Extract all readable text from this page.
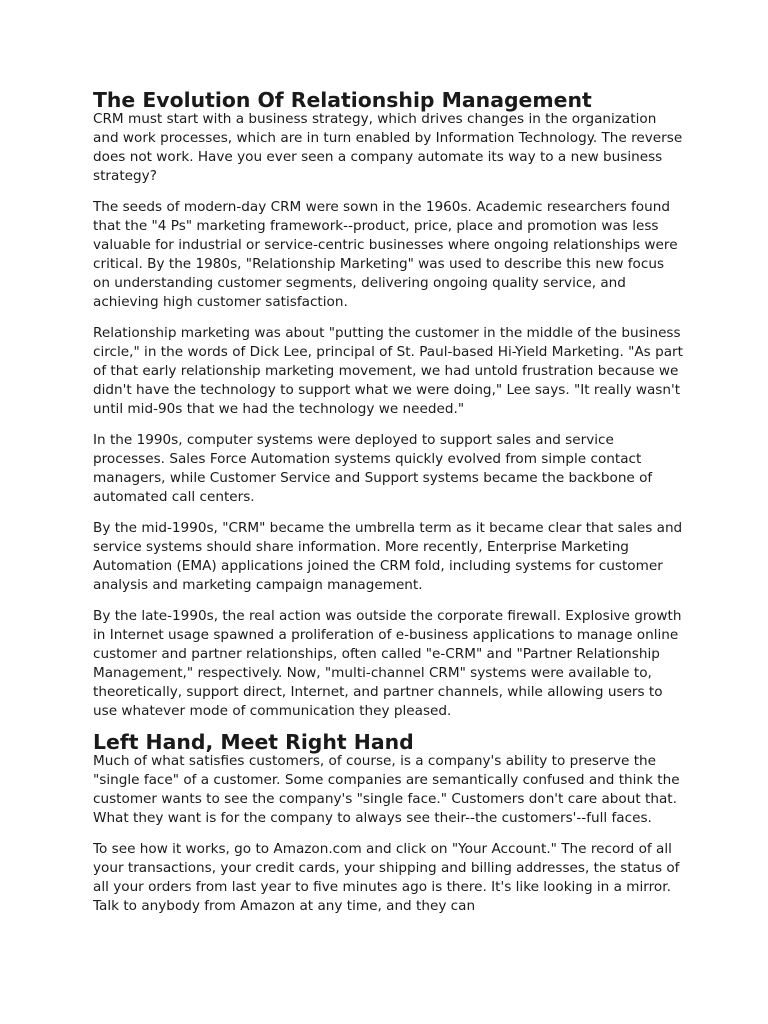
The Evolution Of Relationship Management

CRM must start with a business strategy, which drives changes in the organization and work processes, which are in turn enabled by Information Technology. The reverse does not work. Have you ever seen a company automate its way to a new business strategy?

The seeds of modern-day CRM were sown in the 1960s. Academic researchers found that the "4 Ps" marketing framework--product, price, place and promotion was less valuable for industrial or service-centric businesses where ongoing relationships were critical. By the 1980s, "Relationship Marketing" was used to describe this new focus on understanding customer segments, delivering ongoing quality service, and achieving high customer satisfaction.

Relationship marketing was about "putting the customer in the middle of the business circle," in the words of Dick Lee, principal of St. Paul-based Hi-Yield Marketing. "As part of that early relationship marketing movement, we had untold frustration because we didn't have the technology to support what we were doing," Lee says. "It really wasn't until mid-90s that we had the technology we needed."

In the 1990s, computer systems were deployed to support sales and service processes. Sales Force Automation systems quickly evolved from simple contact managers, while Customer Service and Support systems became the backbone of automated call centers.

By the mid-1990s, "CRM" became the umbrella term as it became clear that sales and service systems should share information. More recently, Enterprise Marketing Automation (EMA) applications joined the CRM fold, including systems for customer analysis and marketing campaign management.

By the late-1990s, the real action was outside the corporate firewall. Explosive growth in Internet usage spawned a proliferation of e-business applications to manage online customer and partner relationships, often called "e-CRM" and "Partner Relationship Management," respectively. Now, "multi-channel CRM" systems were available to, theoretically, support direct, Internet, and partner channels, while allowing users to use whatever mode of communication they pleased.

Left Hand, Meet Right Hand

Much of what satisfies customers, of course, is a company's ability to preserve the "single face" of a customer. Some companies are semantically confused and think the customer wants to see the company's "single face." Customers don't care about that. What they want is for the company to always see their--the customers'--full faces.

To see how it works, go to Amazon.com and click on "Your Account." The record of all your transactions, your credit cards, your shipping and billing addresses, the status of all your orders from last year to five minutes ago is there. It's like looking in a mirror. Talk to anybody from Amazon at any time, and they can
